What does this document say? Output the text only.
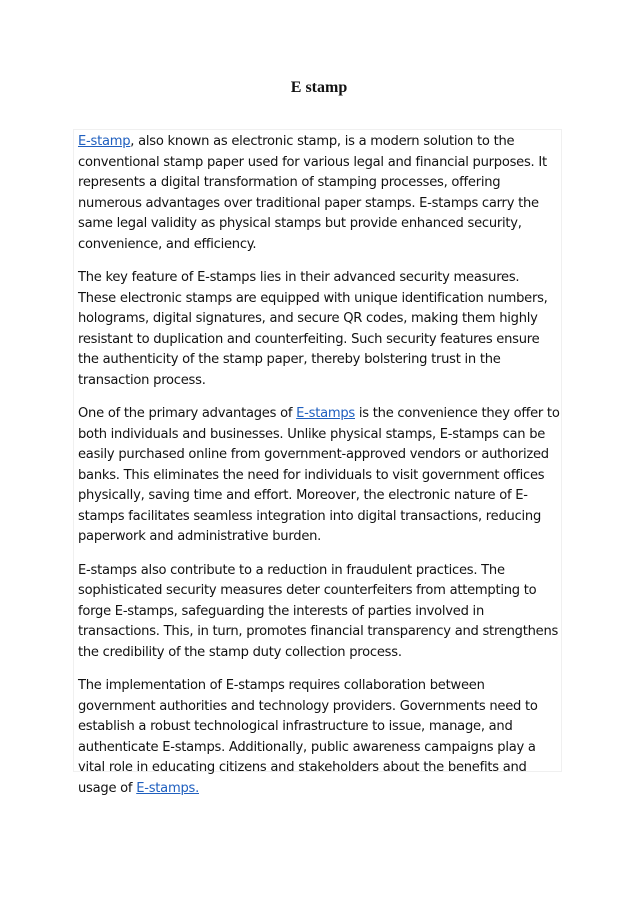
E stamp

E-stamp, also known as electronic stamp, is a modern solution to the conventional stamp paper used for various legal and financial purposes. It represents a digital transformation of stamping processes, offering numerous advantages over traditional paper stamps. E-stamps carry the same legal validity as physical stamps but provide enhanced security, convenience, and efficiency.

The key feature of E-stamps lies in their advanced security measures. These electronic stamps are equipped with unique identification numbers, holograms, digital signatures, and secure QR codes, making them highly resistant to duplication and counterfeiting. Such security features ensure the authenticity of the stamp paper, thereby bolstering trust in the transaction process.

One of the primary advantages of E-stamps is the convenience they offer to both individuals and businesses. Unlike physical stamps, E-stamps can be easily purchased online from government-approved vendors or authorized banks. This eliminates the need for individuals to visit government offices physically, saving time and effort. Moreover, the electronic nature of E-stamps facilitates seamless integration into digital transactions, reducing paperwork and administrative burden.

E-stamps also contribute to a reduction in fraudulent practices. The sophisticated security measures deter counterfeiters from attempting to forge E-stamps, safeguarding the interests of parties involved in transactions. This, in turn, promotes financial transparency and strengthens the credibility of the stamp duty collection process.

The implementation of E-stamps requires collaboration between government authorities and technology providers. Governments need to establish a robust technological infrastructure to issue, manage, and authenticate E-stamps. Additionally, public awareness campaigns play a vital role in educating citizens and stakeholders about the benefits and usage of E-stamps.
